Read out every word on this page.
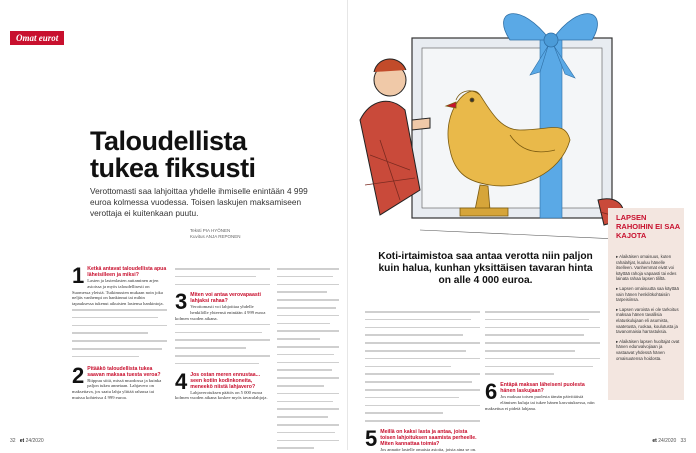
Omat eurot
Taloudellista tukea fiksusti
Verottomasti saa lahjoittaa yhdelle ihmiselle enintään 4 999 euroa kolmessa vuodessa. Toisen laskujen maksamiseen verottaja ei kuitenkaan puutu.
Teksti PIA HYÖNEN
Kuvitus ANJA REPONEN
1 Ketkä antavat taloudellista apua läheisilleen ja miksi?
Lasten ja lastenlasten auttaminen arjen asioissa ja myös taloudellisesti on Suomessa yleistä. Tutkimusten mukaan noin joka neljäs vanhempi on hankinnut tai mihin tapauksessa tukenut aikuisten lastensa hankintoja.
2 Pitääkö taloudellista tukea saavan maksaa tuesta veroa?
Riippuu siitä, missä muodossa ja kuinka paljon tukea annetaan. Lahjavero on maksettava, jos saatu lahja ylittää rahassa tai muissa kohteissa 4 999 euroa.
3 Miten voi antaa verovapaasti lahjaksi rahaa?
Verottomasti voi lahjoittaa yhdelle henkilölle yhteensä enintään 4 999 euroa kolmen vuoden aikana.
4 Jos ostan meren ennustaa... seen kotiin kodinkoneita, meneekö niistä lahjavero?
Lahjaverotuksen päätös on 5 000 euroa kolmen vuoden aikana koskee myös tavaralahjoja.
Koti-irtaimistoa saa antaa verotta niin paljon kuin halua, kunhan yksittäisen tavaran hinta on alle 4 000 euroa.
5 Meillä on kaksi lasta ja antaa, joista toisen lahjoituksen saamista perheelle. Miten kannattaa toimia?
Jos annatte lastelle omaisia asioita, joista aina se on.
6 Entäpä maksan läheiseni puolesta hänen laskujaan?
Jos maksaa toisen puolesta tämän päivittäisiä elämisen kuluja tai tukee hänen kasvatuksessa, niin maksettua ei pidetä lahjana.
LAPSEN RAHOIHIN EI SAA KAJOTA
▸ Alaikäisen omaisuus, kuten rahalahjat, kuuluu hänelle itselleen. Vanhemmat eivät voi käyttää rahoja vapaasti tai edes lainata rahaa lapsen tililtä.
▸ Lapsen omaisuutta saa käyttää vain hänen henkilökohtaisiin tarpeisiinsa.
▸ Lapsen varoista ei ole tarkoitus maksaa hänen tavallisia elatuskulujaan eli asumista, vaatetusta, ruokaa, koulutusta ja tavanomaisia harrastuksia.
▸ Alaikäisen lapsen huoltajat ovat hänen edunvalvojiaan ja vastaavat yhdessä hänen omaisuutensa hoidosta.
32 et 24/2020	et 24/2020 33
